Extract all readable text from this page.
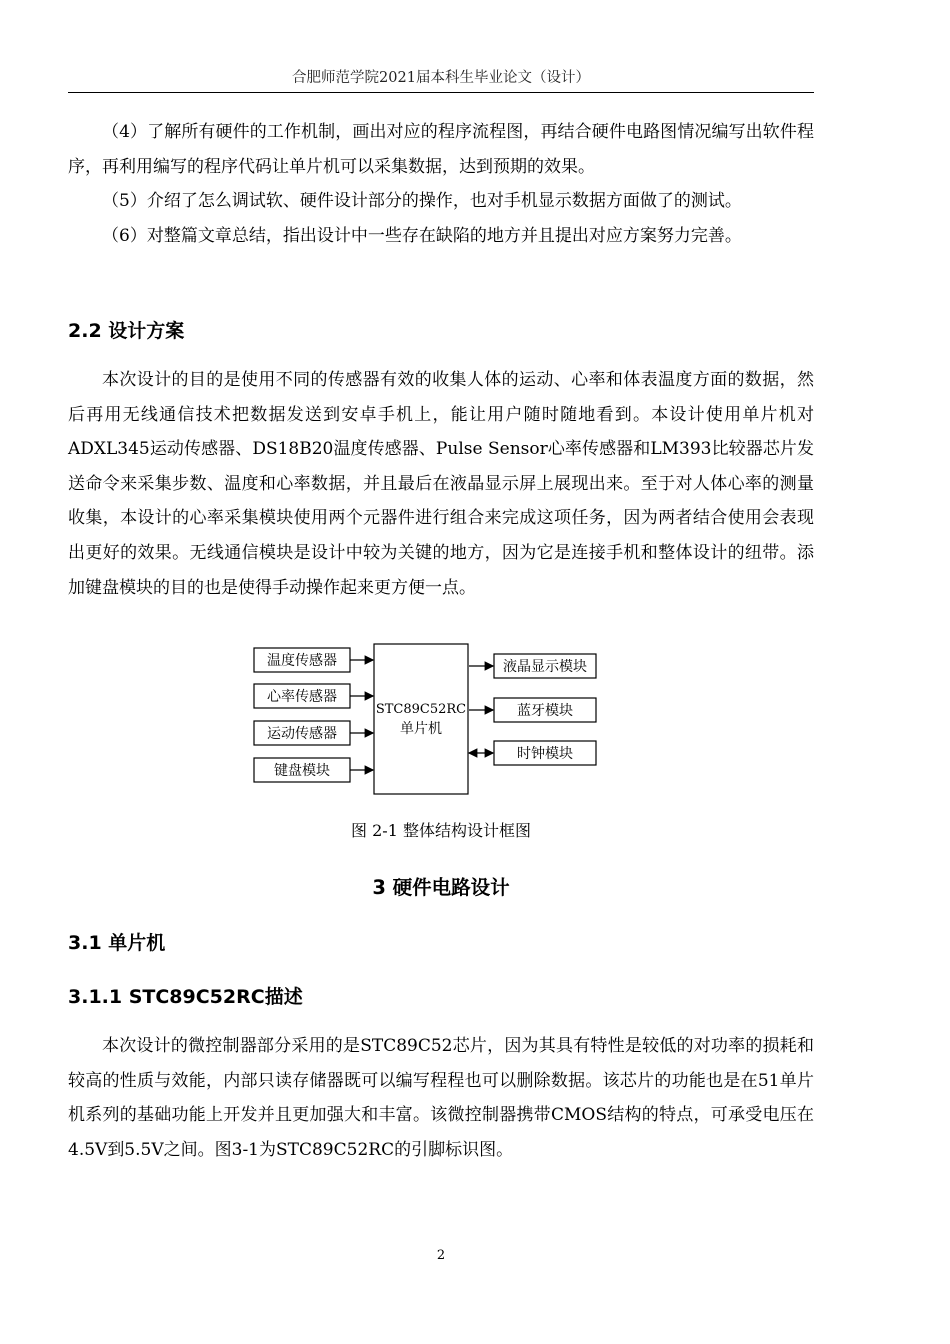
合肥师范学院2021届本科生毕业论文（设计）

（4）了解所有硬件的工作机制，画出对应的程序流程图，再结合硬件电路图情况编写出软件程序，再利用编写的程序代码让单片机可以采集数据，达到预期的效果。

（5）介绍了怎么调试软、硬件设计部分的操作，也对手机显示数据方面做了的测试。

（6）对整篇文章总结，指出设计中一些存在缺陷的地方并且提出对应方案努力完善。

2.2 设计方案

本次设计的目的是使用不同的传感器有效的收集人体的运动、心率和体表温度方面的数据，然后再用无线通信技术把数据发送到安卓手机上，能让用户随时随地看到。本设计使用单片机对ADXL345运动传感器、DS18B20温度传感器、Pulse Sensor心率传感器和LM393比较器芯片发送命令来采集步数、温度和心率数据，并且最后在液晶显示屏上展现出来。至于对人体心率的测量收集，本设计的心率采集模块使用两个元器件进行组合来完成这项任务，因为两者结合使用会表现出更好的效果。无线通信模块是设计中较为关键的地方，因为它是连接手机和整体设计的纽带。添加键盘模块的目的也是使得手动操作起来更方便一点。

温度传感器
心率传感器
运动传感器
键盘模块
STC89C52RC
单片机
液晶显示模块
蓝牙模块
时钟模块
图 2-1 整体结构设计框图
3 硬件电路设计
3.1 单片机
3.1.1 STC89C52RC描述

本次设计的微控制器部分采用的是STC89C52芯片，因为其具有特性是较低的对功率的损耗和较高的性质与效能，内部只读存储器既可以编写程程也可以删除数据。该芯片的功能也是在51单片机系列的基础功能上开发并且更加强大和丰富。该微控制器携带CMOS结构的特点，可承受电压在4.5V到5.5V之间。图3-1为STC89C52RC的引脚标识图。

2
